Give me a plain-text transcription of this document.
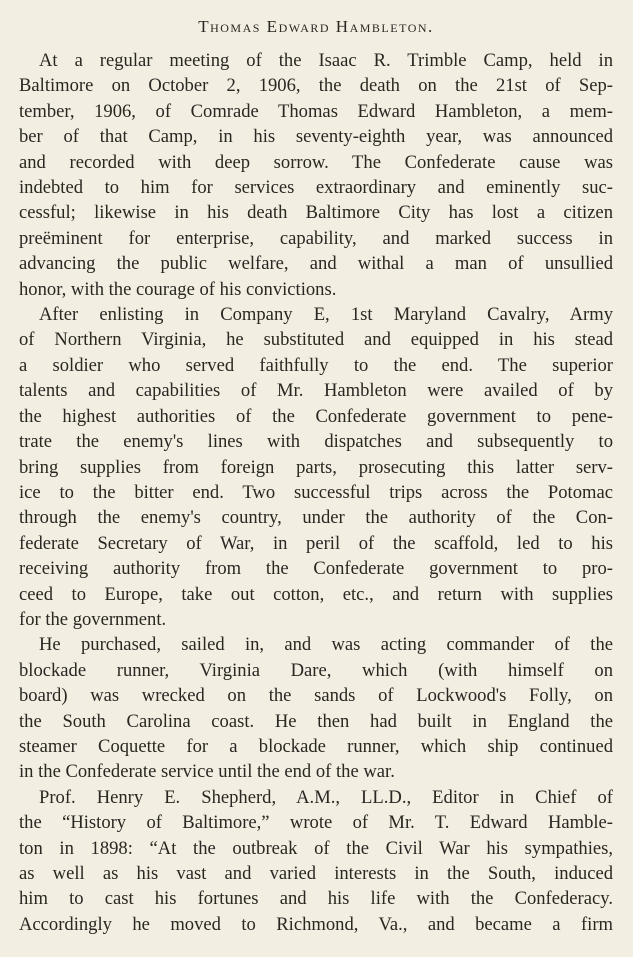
Thomas Edward Hambleton.
At a regular meeting of the Isaac R. Trimble Camp, held in
Baltimore on October 2, 1906, the death on the 21st of Sep-
tember, 1906, of Comrade Thomas Edward Hambleton, a mem-
ber of that Camp, in his seventy-eighth year, was announced
and recorded with deep sorrow. The Confederate cause was
indebted to him for services extraordinary and eminently suc-
cessful; likewise in his death Baltimore City has lost a citizen
preëminent for enterprise, capability, and marked success in
advancing the public welfare, and withal a man of unsullied
honor, with the courage of his convictions.
After enlisting in Company E, 1st Maryland Cavalry, Army
of Northern Virginia, he substituted and equipped in his stead
a soldier who served faithfully to the end. The superior
talents and capabilities of Mr. Hambleton were availed of by
the highest authorities of the Confederate government to pene-
trate the enemy's lines with dispatches and subsequently to
bring supplies from foreign parts, prosecuting this latter serv-
ice to the bitter end. Two successful trips across the Potomac
through the enemy's country, under the authority of the Con-
federate Secretary of War, in peril of the scaffold, led to his
receiving authority from the Confederate government to pro-
ceed to Europe, take out cotton, etc., and return with supplies
for the government.
He purchased, sailed in, and was acting commander of the
blockade runner, Virginia Dare, which (with himself on
board) was wrecked on the sands of Lockwood's Folly, on
the South Carolina coast. He then had built in England the
steamer Coquette for a blockade runner, which ship continued
in the Confederate service until the end of the war.
Prof. Henry E. Shepherd, A.M., LL.D., Editor in Chief of
the “History of Baltimore,” wrote of Mr. T. Edward Hamble-
ton in 1898: “At the outbreak of the Civil War his sympathies,
as well as his vast and varied interests in the South, induced
him to cast his fortunes and his life with the Confederacy.
Accordingly he moved to Richmond, Va., and became a firm
